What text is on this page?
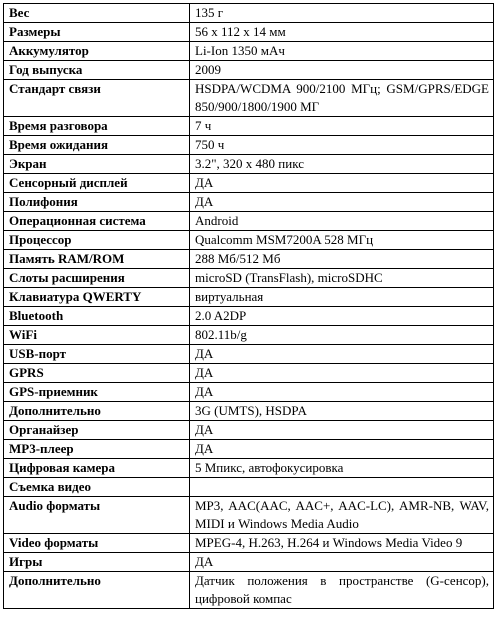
Вес	135 г
Размеры	56 x 112 x 14 мм
Аккумулятор	Li-Ion 1350 мАч
Год выпуска	2009
Стандарт связи	HSDPA/WCDMA 900/2100 МГц; GSM/GPRS/EDGE 850/900/1800/1900 МГ
Время разговора	7 ч
Время ожидания	750 ч
Экран	3.2", 320 x 480 пикс
Сенсорный дисплей	ДА
Полифония	ДА
Операционная система	Android
Процессор	Qualcomm MSM7200A 528 МГц
Память RAM/ROM	288 Мб/512 Мб
Слоты расширения	microSD (TransFlash), microSDHC
Клавиатура QWERTY	виртуальная
Bluetooth	2.0 A2DP
WiFi	802.11b/g
USB-порт	ДА
GPRS	ДА
GPS-приемник	ДА
Дополнительно	3G (UMTS), HSDPA
Органайзер	ДА
MP3-плеер	ДА
Цифровая камера	5 Мпикс, автофокусировка
Съемка видео	
Audio форматы	MP3, AAC(AAC, AAC+, AAC-LC), AMR-NB, WAV, MIDI и Windows Media Audio
Video форматы	MPEG-4, H.263, H.264 и Windows Media Video 9
Игры	ДА
Дополнительно	Датчик положения в пространстве (G-сенсор), цифровой компас
